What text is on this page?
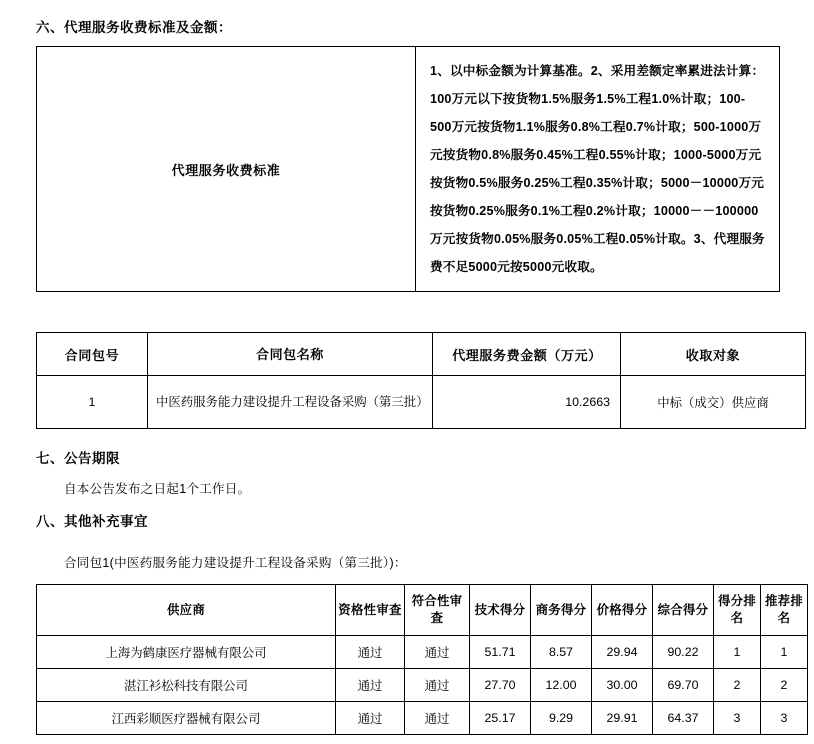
六、代理服务收费标准及金额：
代理服务收费标准	1、以中标金额为计算基准。2、采用差额定率累进法计算：100万元以下按货物1.5%服务1.5%工程1.0%计取；100-500万元按货物1.1%服务0.8%工程0.7%计取；500-1000万元按货物0.8%服务0.45%工程0.55%计取；1000-5000万元按货物0.5%服务0.25%工程0.35%计取；5000－10000万元按货物0.25%服务0.1%工程0.2%计取；10000－－100000万元按货物0.05%服务0.05%工程0.05%计取。3、代理服务费不足5000元按5000元收取。
合同包号	合同包名称	代理服务费金额（万元）	收取对象
1	中医药服务能力建设提升工程设备采购（第三批）	10.2663	中标（成交）供应商
七、公告期限
自本公告发布之日起1个工作日。
八、其他补充事宜
合同包1(中医药服务能力建设提升工程设备采购（第三批）)：
供应商	资格性审查	符合性审查	技术得分	商务得分	价格得分	综合得分	得分排名	推荐排名
上海为鹤康医疗器械有限公司	通过	通过	51.71	8.57	29.94	90.22	1	1
湛江衫松科技有限公司	通过	通过	27.70	12.00	30.00	69.70	2	2
江西彩顺医疗器械有限公司	通过	通过	25.17	9.29	29.91	64.37	3	3
